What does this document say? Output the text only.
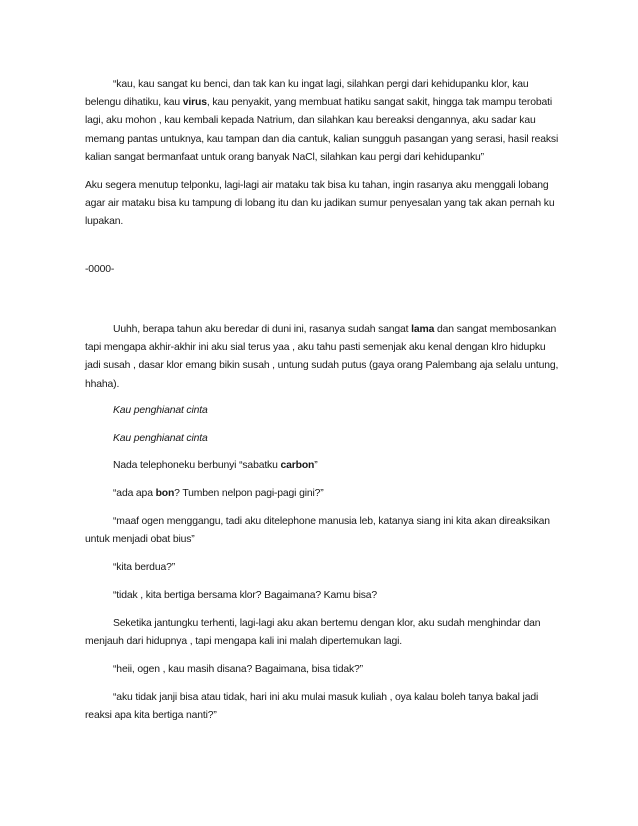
“kau, kau sangat ku benci, dan tak kan ku ingat lagi, silahkan pergi dari kehidupanku klor, kau belengu dihatiku, kau virus, kau penyakit, yang membuat hatiku sangat sakit, hingga tak mampu terobati lagi, aku mohon , kau kembali kepada Natrium, dan silahkan kau bereaksi dengannya, aku sadar kau memang pantas untuknya, kau tampan dan dia cantuk, kalian sungguh pasangan yang serasi, hasil reaksi kalian sangat bermanfaat untuk orang banyak NaCl, silahkan kau pergi dari kehidupanku”

Aku segera menutup telponku, lagi-lagi air mataku tak bisa ku tahan, ingin rasanya aku menggali lobang agar air mataku bisa ku tampung di lobang itu dan ku jadikan sumur penyesalan yang tak akan pernah ku lupakan.

-0000-

Uuhh, berapa tahun aku beredar di duni ini, rasanya sudah sangat lama dan sangat membosankan tapi mengapa akhir-akhir ini aku sial terus yaa , aku tahu pasti semenjak aku kenal dengan klro hidupku jadi susah , dasar klor emang bikin susah , untung sudah putus (gaya orang Palembang aja selalu untung, hhaha).

Kau penghianat cinta

Kau penghianat cinta

Nada telephoneku berbunyi “sabatku carbon”

“ada apa bon? Tumben nelpon pagi-pagi gini?”

“maaf ogen menggangu, tadi aku ditelephone manusia leb, katanya siang ini kita akan direaksikan untuk menjadi obat bius”

“kita berdua?”

“tidak , kita bertiga bersama klor? Bagaimana? Kamu bisa?

Seketika jantungku terhenti, lagi-lagi aku akan bertemu dengan klor, aku sudah menghindar dan menjauh dari hidupnya , tapi mengapa kali ini malah dipertemukan lagi.

“heii, ogen , kau masih disana? Bagaimana, bisa tidak?”

“aku tidak janji bisa atau tidak, hari ini aku mulai masuk kuliah , oya kalau boleh tanya bakal jadi reaksi apa kita bertiga nanti?”
